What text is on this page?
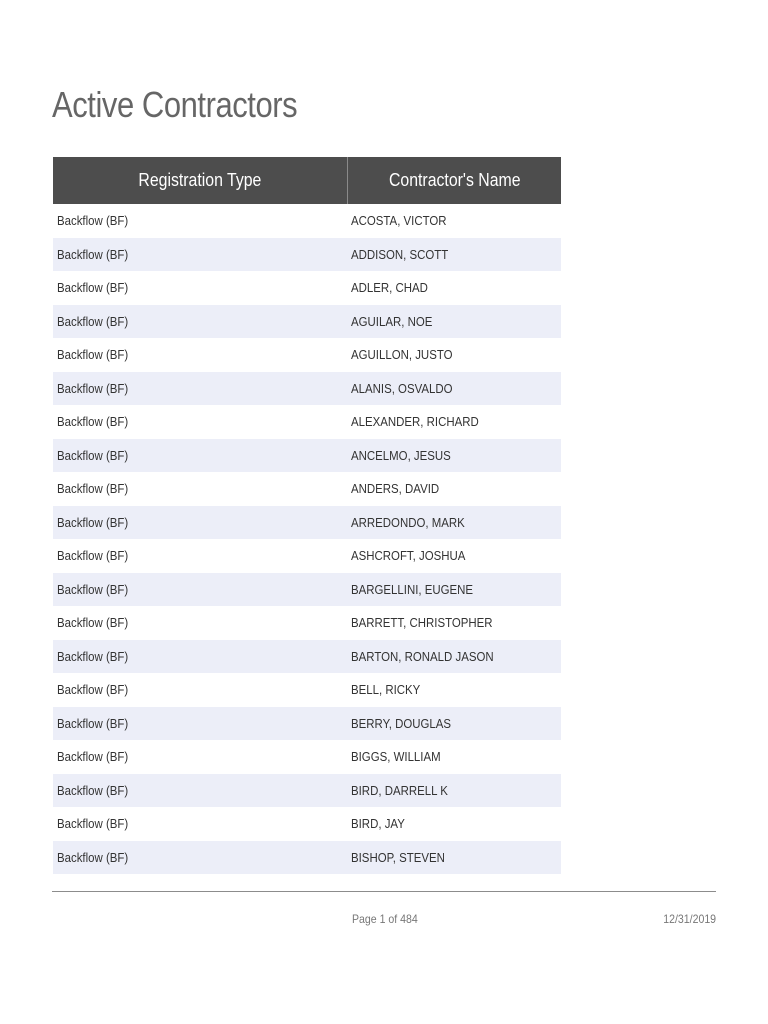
Active Contractors
Registration Type	Contractor's Name
Backflow (BF)	ACOSTA, VICTOR
Backflow (BF)	ADDISON, SCOTT
Backflow (BF)	ADLER, CHAD
Backflow (BF)	AGUILAR, NOE
Backflow (BF)	AGUILLON, JUSTO
Backflow (BF)	ALANIS, OSVALDO
Backflow (BF)	ALEXANDER, RICHARD
Backflow (BF)	ANCELMO, JESUS
Backflow (BF)	ANDERS, DAVID
Backflow (BF)	ARREDONDO, MARK
Backflow (BF)	ASHCROFT, JOSHUA
Backflow (BF)	BARGELLINI, EUGENE
Backflow (BF)	BARRETT, CHRISTOPHER
Backflow (BF)	BARTON, RONALD JASON
Backflow (BF)	BELL, RICKY
Backflow (BF)	BERRY, DOUGLAS
Backflow (BF)	BIGGS, WILLIAM
Backflow (BF)	BIRD, DARRELL K
Backflow (BF)	BIRD, JAY
Backflow (BF)	BISHOP, STEVEN
Page 1 of 484	12/31/2019
